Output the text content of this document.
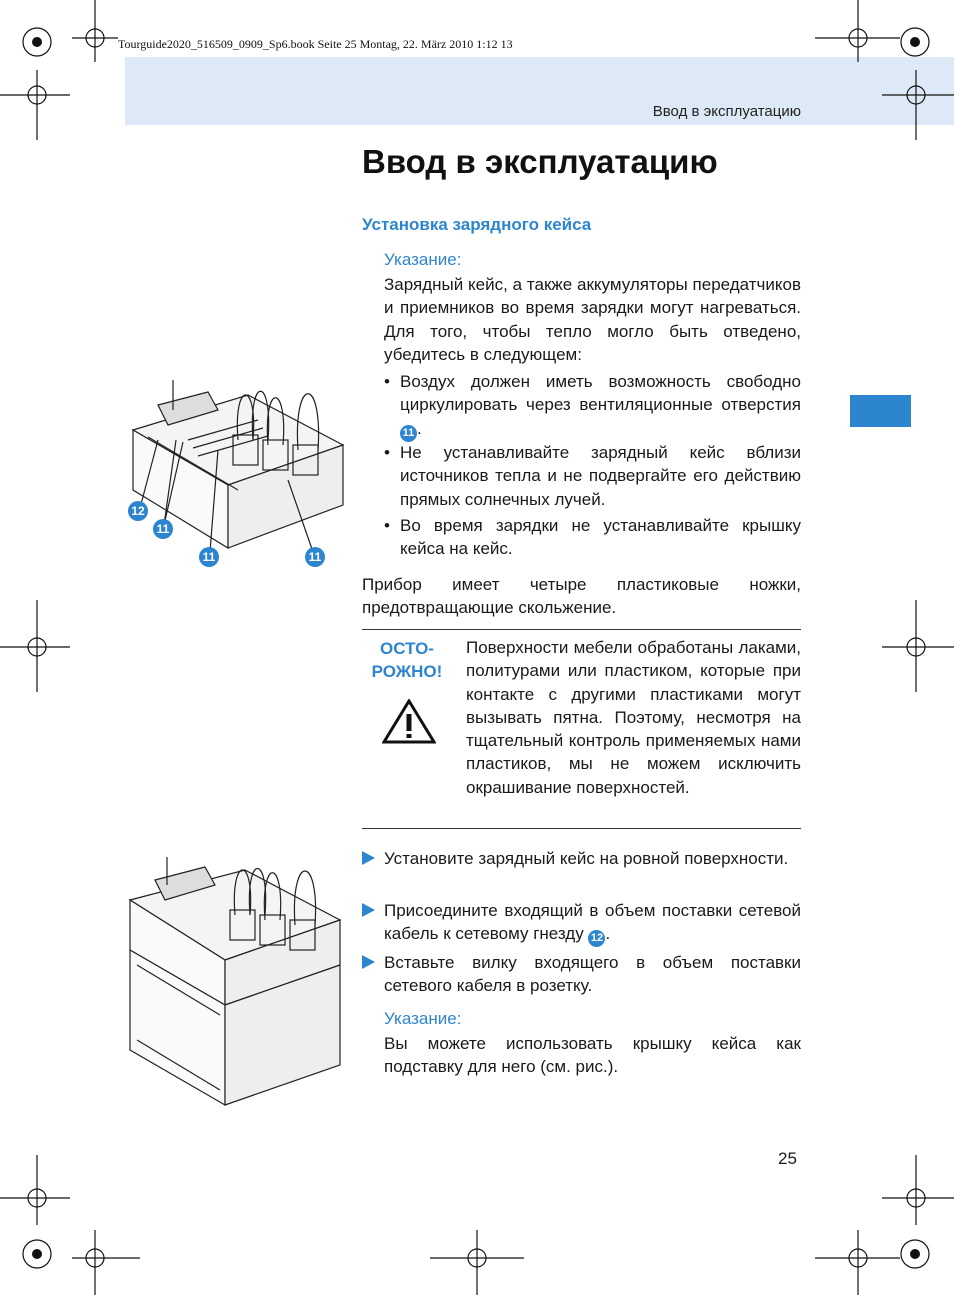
Tourguide2020_516509_0909_Sp6.book Seite 25 Montag, 22. März 2010 1:12 13
Ввод в эксплуатацию
Ввод в эксплуатацию
Установка зарядного кейса
Указание:
Зарядный кейс, а также аккумуляторы передатчиков и приемников во время зарядки могут нагреваться. Для того, чтобы тепло могло быть отведено, убедитесь в следующем:
• Воздух должен иметь возможность свободно циркулировать через вентиляционные отверстия 11 .
• Не устанавливайте зарядный кейс вблизи источников тепла и не подвергайте его действию прямых солнечных лучей.
• Во время зарядки не устанавливайте крышку кейса на кейс.
Прибор имеет четыре пластиковые ножки, предотвращающие скольжение.
ОСТО-
РОЖНО!
Поверхности мебели обработаны лаками, политурами или пластиком, которые при контакте с другими пластиками могут вызывать пятна. Поэтому, несмотря на тщательный контроль применяемых нами пластиков, мы не можем исключить окрашивание поверхностей.
Установите зарядный кейс на ровной поверхности.
Присоедините входящий в объем поставки сетевой кабель к сетевому гнезду 12 .
Вставьте вилку входящего в объем поставки сетевого кабеля в розетку.
Указание:
Вы можете использовать крышку кейса как подставку для него (см. рис.).
25
12
11
11	11
